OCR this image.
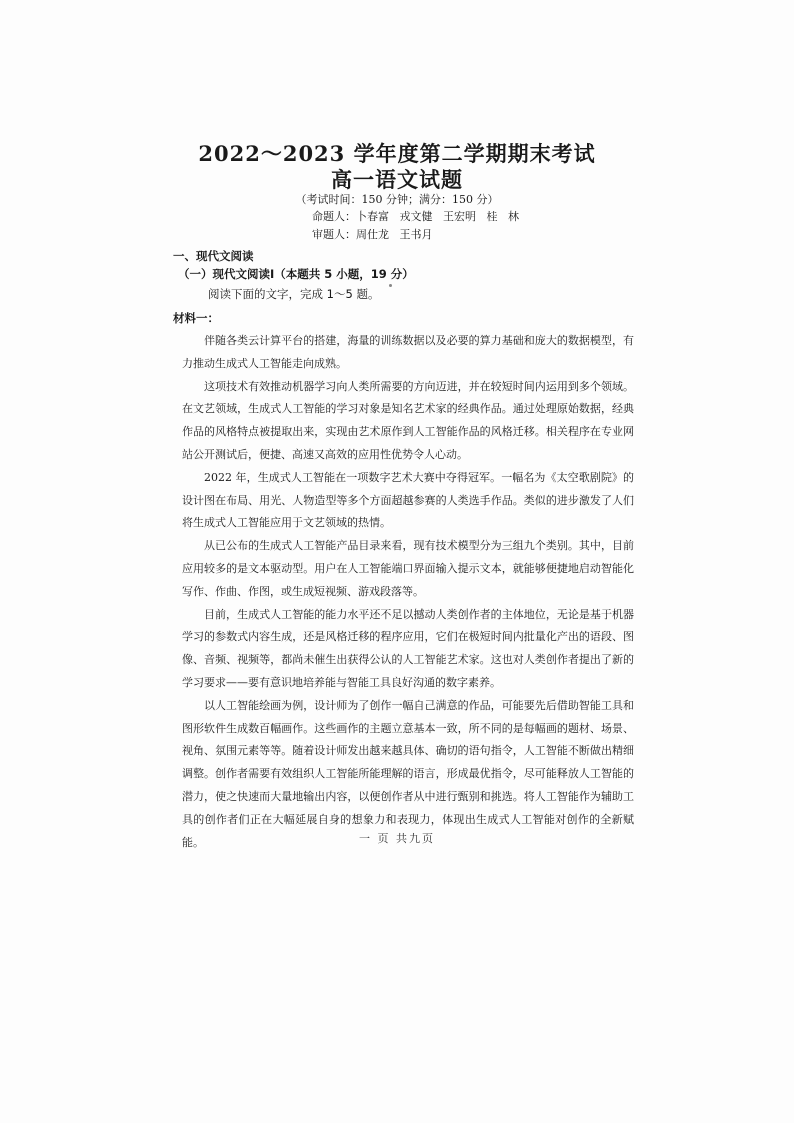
2022～2023 学年度第二学期期末考试
高一语文试题
（考试时间：150 分钟；满分：150 分）
命题人：卜春富   戎文健   王宏明   桂   林
审题人：周仕龙   王书月
一、现代文阅读
（一）现代文阅读Ⅰ（本题共 5 小题，19 分）
阅读下面的文字，完成 1～5 题。
材料一：

伴随各类云计算平台的搭建，海量的训练数据以及必要的算力基础和庞大的数据模型，有力推动生成式人工智能走向成熟。

这项技术有效推动机器学习向人类所需要的方向迈进，并在较短时间内运用到多个领域。在文艺领域，生成式人工智能的学习对象是知名艺术家的经典作品。通过处理原始数据，经典作品的风格特点被提取出来，实现由艺术原作到人工智能作品的风格迁移。相关程序在专业网站公开测试后，便捷、高速又高效的应用性优势令人心动。

2022 年，生成式人工智能在一项数字艺术大赛中夺得冠军。一幅名为《太空歌剧院》的设计图在布局、用光、人物造型等多个方面超越参赛的人类选手作品。类似的进步激发了人们将生成式人工智能应用于文艺领域的热情。

从已公布的生成式人工智能产品目录来看，现有技术模型分为三组九个类别。其中，目前应用较多的是文本驱动型。用户在人工智能端口界面输入提示文本，就能够便捷地启动智能化写作、作曲、作图，或生成短视频、游戏段落等。

目前，生成式人工智能的能力水平还不足以撼动人类创作者的主体地位，无论是基于机器学习的参数式内容生成，还是风格迁移的程序应用，它们在极短时间内批量化产出的语段、图像、音频、视频等，都尚未催生出获得公认的人工智能艺术家。这也对人类创作者提出了新的学习要求——要有意识地培养能与智能工具良好沟通的数字素养。

以人工智能绘画为例，设计师为了创作一幅自己满意的作品，可能要先后借助智能工具和图形软件生成数百幅画作。这些画作的主题立意基本一致，所不同的是每幅画的题材、场景、视角、氛围元素等等。随着设计师发出越来越具体、确切的语句指令，人工智能不断做出精细调整。创作者需要有效组织人工智能所能理解的语言，形成最优指令，尽可能释放人工智能的潜力，使之快速而大量地输出内容，以便创作者从中进行甄别和挑选。将人工智能作为辅助工具的创作者们正在大幅延展自身的想象力和表现力，体现出生成式人工智能对创作的全新赋能。	一 页 共九页
